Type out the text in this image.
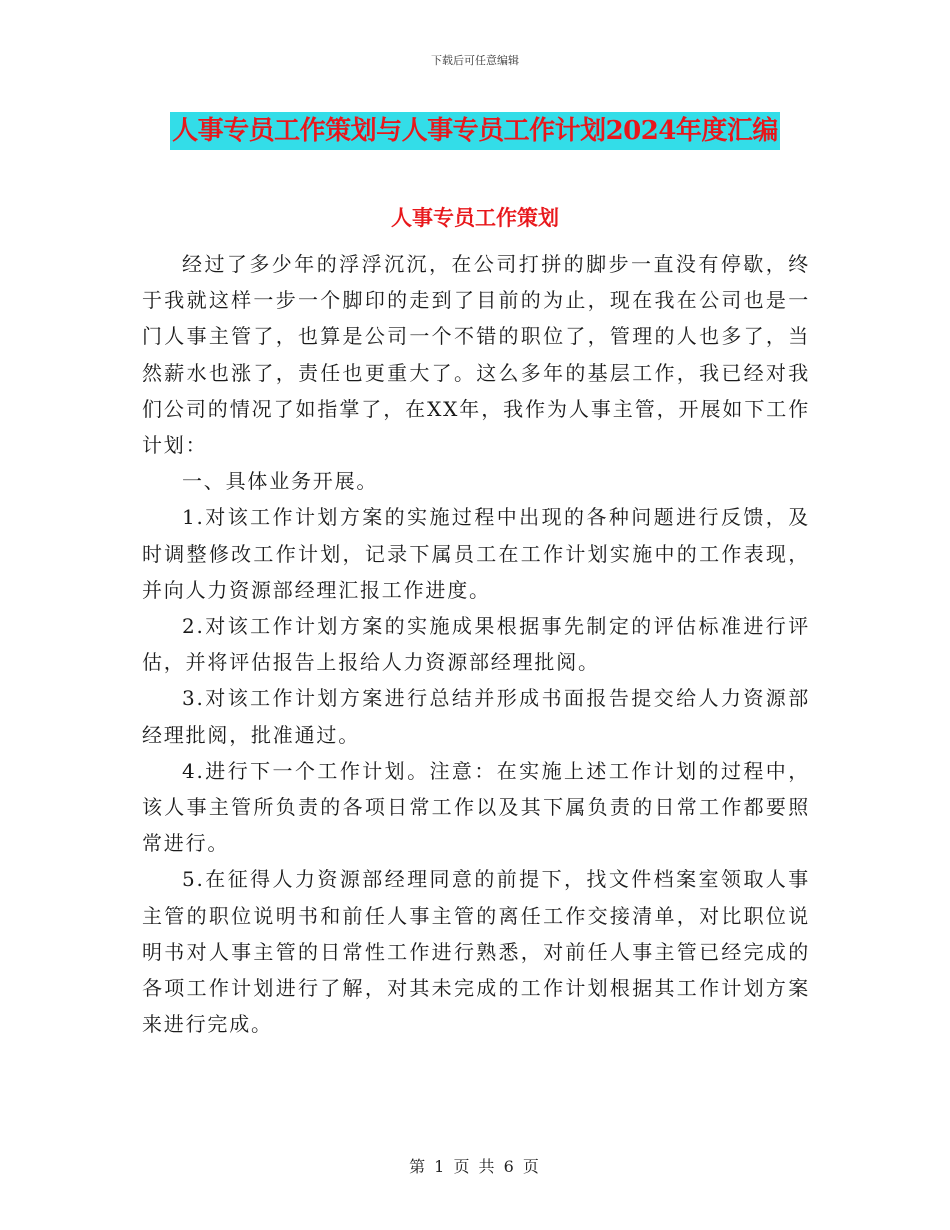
下载后可任意编辑
人事专员工作策划与人事专员工作计划2024年度汇编
人事专员工作策划

经过了多少年的浮浮沉沉，在公司打拼的脚步一直没有停歇，终于我就这样一步一个脚印的走到了目前的为止，现在我在公司也是一门人事主管了，也算是公司一个不错的职位了，管理的人也多了，当然薪水也涨了，责任也更重大了。这么多年的基层工作，我已经对我们公司的情况了如指掌了，在XX年，我作为人事主管，开展如下工作计划：

一、具体业务开展。

1.对该工作计划方案的实施过程中出现的各种问题进行反馈，及时调整修改工作计划，记录下属员工在工作计划实施中的工作表现，并向人力资源部经理汇报工作进度。

2.对该工作计划方案的实施成果根据事先制定的评估标准进行评估，并将评估报告上报给人力资源部经理批阅。

3.对该工作计划方案进行总结并形成书面报告提交给人力资源部经理批阅，批准通过。

4.进行下一个工作计划。注意：在实施上述工作计划的过程中，该人事主管所负责的各项日常工作以及其下属负责的日常工作都要照常进行。

5.在征得人力资源部经理同意的前提下，找文件档案室领取人事主管的职位说明书和前任人事主管的离任工作交接清单，对比职位说明书对人事主管的日常性工作进行熟悉，对前任人事主管已经完成的各项工作计划进行了解，对其未完成的工作计划根据其工作计划方案来进行完成。

第 1 页 共 6 页
